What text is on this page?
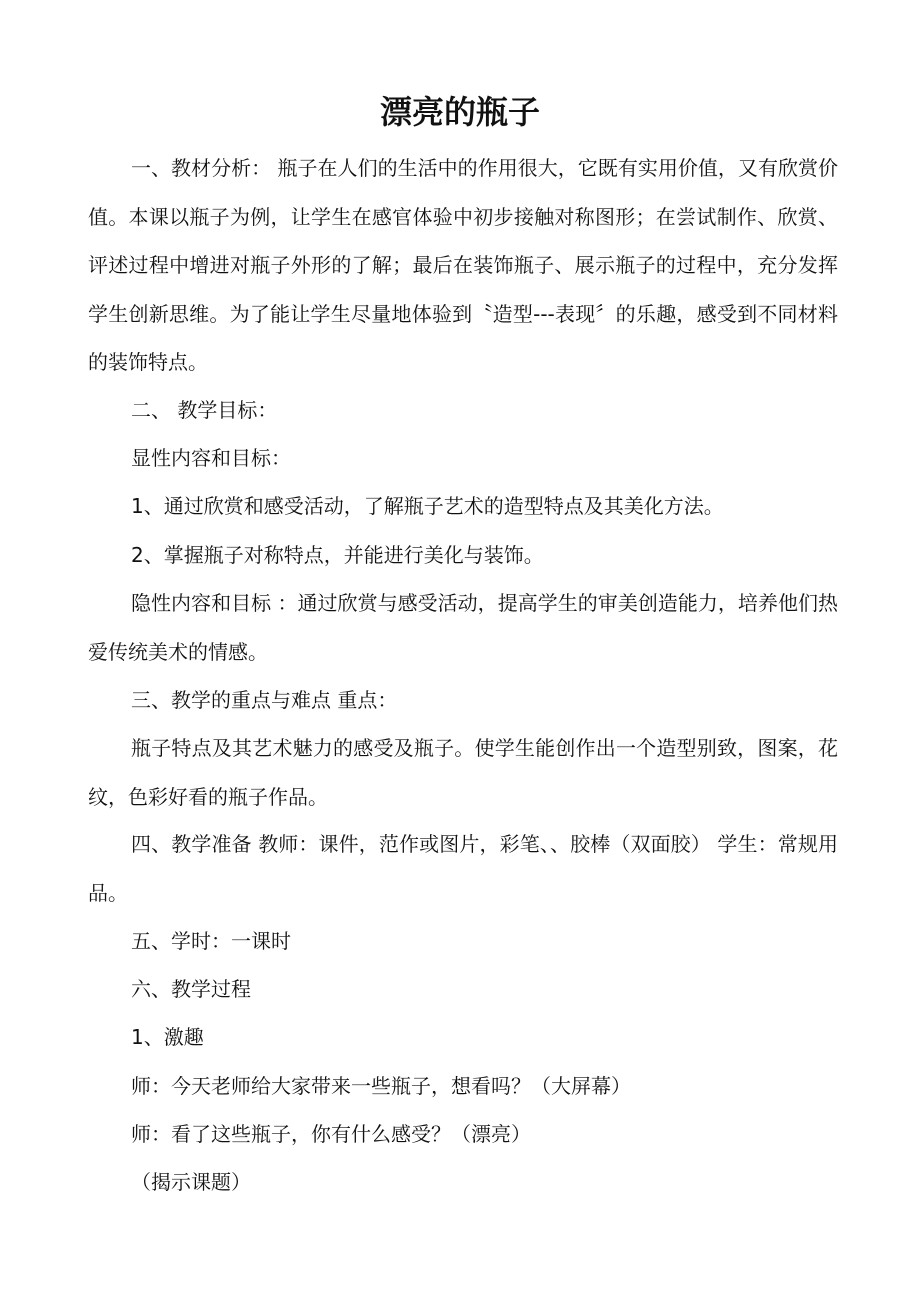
漂亮的瓶子

一、教材分析： 瓶子在人们的生活中的作用很大，它既有实用价值，又有欣赏价值。本课以瓶子为例，让学生在感官体验中初步接触对称图形；在尝试制作、欣赏、评述过程中增进对瓶子外形的了解；最后在装饰瓶子、展示瓶子的过程中，充分发挥学生创新思维。为了能让学生尽量地体验到〝造型---表现〞的乐趣，感受到不同材料的装饰特点。

二、 教学目标：

显性内容和目标：

1、通过欣赏和感受活动，了解瓶子艺术的造型特点及其美化方法。

2、掌握瓶子对称特点，并能进行美化与装饰。

隐性内容和目标 ：通过欣赏与感受活动，提高学生的审美创造能力，培养他们热爱传统美术的情感。

三、教学的重点与难点 重点：

瓶子特点及其艺术魅力的感受及瓶子。使学生能创作出一个造型别致，图案，花纹，色彩好看的瓶子作品。

四、教学准备 教师：课件，范作或图片，彩笔、、胶棒（双面胶） 学生：常规用品。

五、学时：一课时

六、教学过程

1、激趣

师：今天老师给大家带来一些瓶子，想看吗？（大屏幕）

师：看了这些瓶子，你有什么感受？（漂亮）

（揭示课题）
